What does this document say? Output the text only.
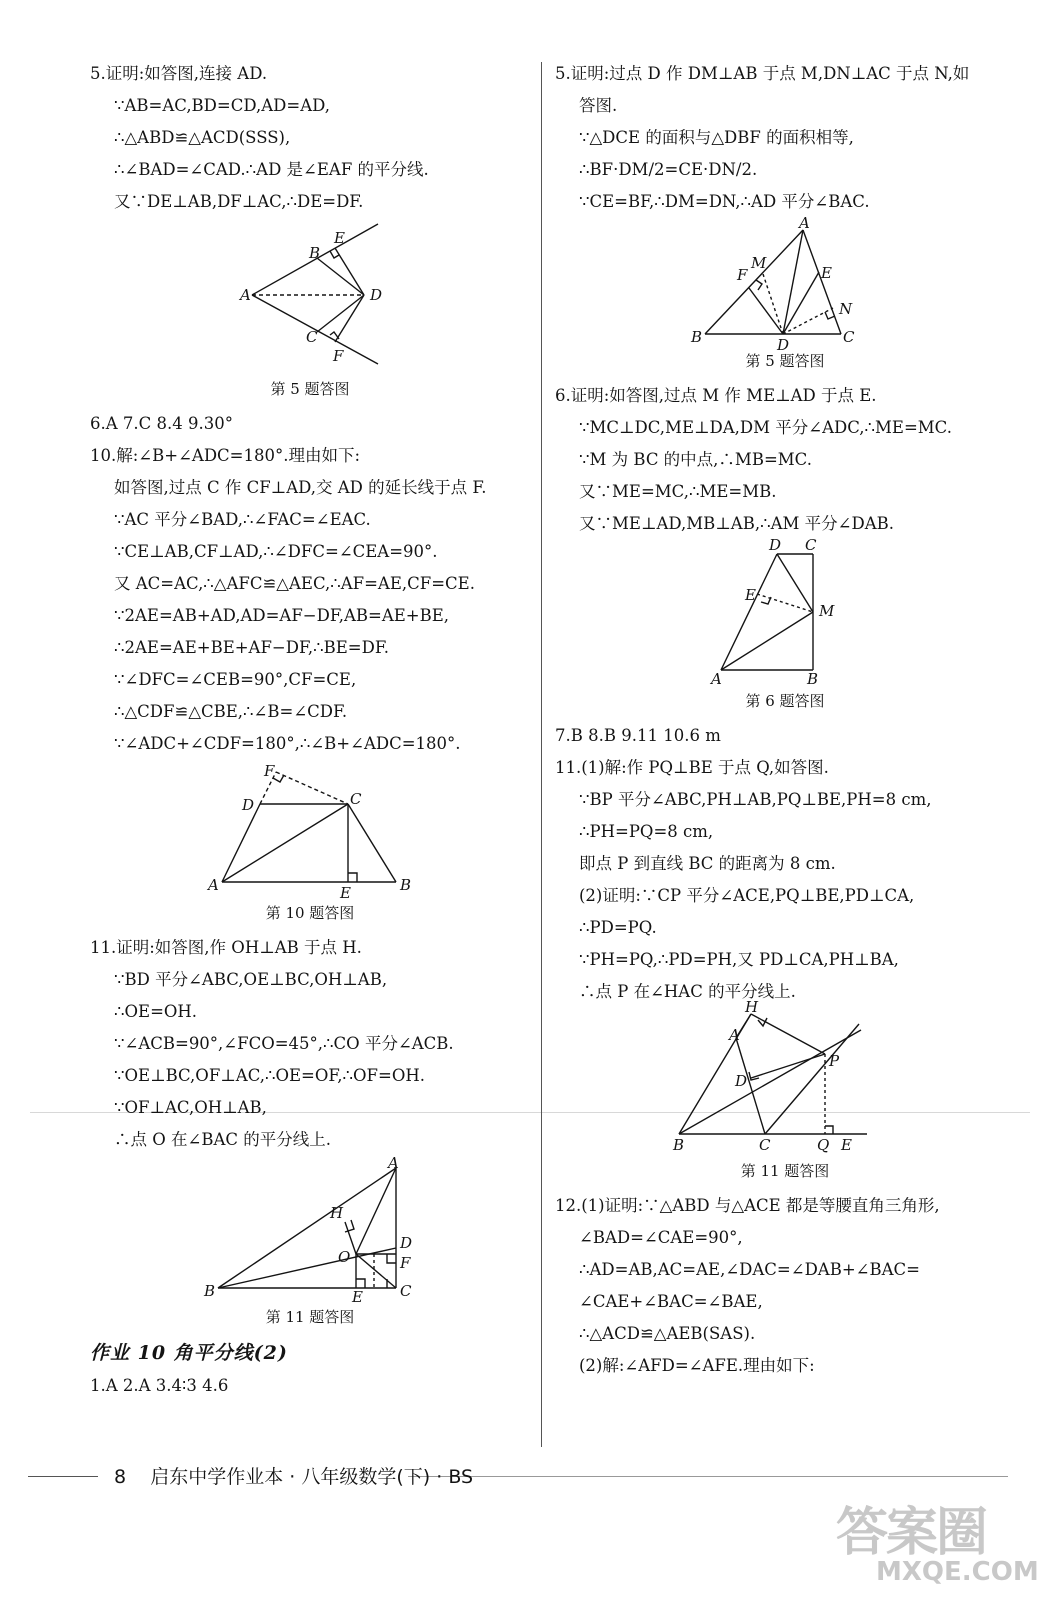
5.证明:如答图,连接 AD.
∵AB=AC,BD=CD,AD=AD,
∴△ABD≌△ACD(SSS),
∴∠BAD=∠CAD.∴AD 是∠EAF 的平分线.
又∵DE⊥AB,DF⊥AC,∴DE=DF.
A
B
E
D
C
F
第 5 题答图
6.A 7.C 8.4 9.30°
10.解:∠B+∠ADC=180°.理由如下:
如答图,过点 C 作 CF⊥AD,交 AD 的延长线于点 F.
∵AC 平分∠BAD,∴∠FAC=∠EAC.
∵CE⊥AB,CF⊥AD,∴∠DFC=∠CEA=90°.
又 AC=AC,∴△AFC≌△AEC,∴AF=AE,CF=CE.
∵2AE=AB+AD,AD=AF−DF,AB=AE+BE,
∴2AE=AE+BE+AF−DF,∴BE=DF.
∵∠DFC=∠CEB=90°,CF=CE,
∴△CDF≌△CBE,∴∠B=∠CDF.
∵∠ADC+∠CDF=180°,∴∠B+∠ADC=180°.
A
D
F
C
E	B
第 10 题答图
11.证明:如答图,作 OH⊥AB 于点 H.
∵BD 平分∠ABC,OE⊥BC,OH⊥AB,
∴OE=OH.
∵∠ACB=90°,∠FCO=45°,∴CO 平分∠ACB.
∵OE⊥BC,OF⊥AC,∴OE=OF,∴OF=OH.
∵OF⊥AC,OH⊥AB,
∴点 O 在∠BAC 的平分线上.
A
H
O
D
F
C
E
B
第 11 题答图
作业 10 角平分线(2)
1.A 2.A 3.4∶3 4.6
5.证明:过点 D 作 DM⊥AB 于点 M,DN⊥AC 于点 N,如
答图.
∵△DCE 的面积与△DBF 的面积相等,
∴BF·DM/2=CE·DN/2.
∵CE=BF,∴DM=DN,∴AD 平分∠BAC.
A
M
F	E
N
B	D	C
第 5 题答图
6.证明:如答图,过点 M 作 ME⊥AD 于点 E.
∵MC⊥DC,ME⊥DA,DM 平分∠ADC,∴ME=MC.
∵M 为 BC 的中点,∴MB=MC.
又∵ME=MC,∴ME=MB.
又∵ME⊥AD,MB⊥AB,∴AM 平分∠DAB.
D C
E
M
A	B
第 6 题答图
7.B 8.B 9.11 10.6 m
11.(1)解:作 PQ⊥BE 于点 Q,如答图.
∵BP 平分∠ABC,PH⊥AB,PQ⊥BE,PH=8 cm,
∴PH=PQ=8 cm,
即点 P 到直线 BC 的距离为 8 cm.
(2)证明:∵CP 平分∠ACE,PQ⊥BE,PD⊥CA,
∴PD=PQ.
∵PH=PQ,∴PD=PH,又 PD⊥CA,PH⊥BA,
∴点 P 在∠HAC 的平分线上.
H
A
D
P
B	C	Q E
第 11 题答图
12.(1)证明:∵△ABD 与△ACE 都是等腰直角三角形,
∠BAD=∠CAE=90°,
∴AD=AB,AC=AE,∠DAC=∠DAB+∠BAC=
∠CAE+∠BAC=∠BAE,
∴△ACD≌△AEB(SAS).
(2)解:∠AFD=∠AFE.理由如下:
8 启东中学作业本 · 八年级数学(下) · BS
答案圈
MXQE.COM
